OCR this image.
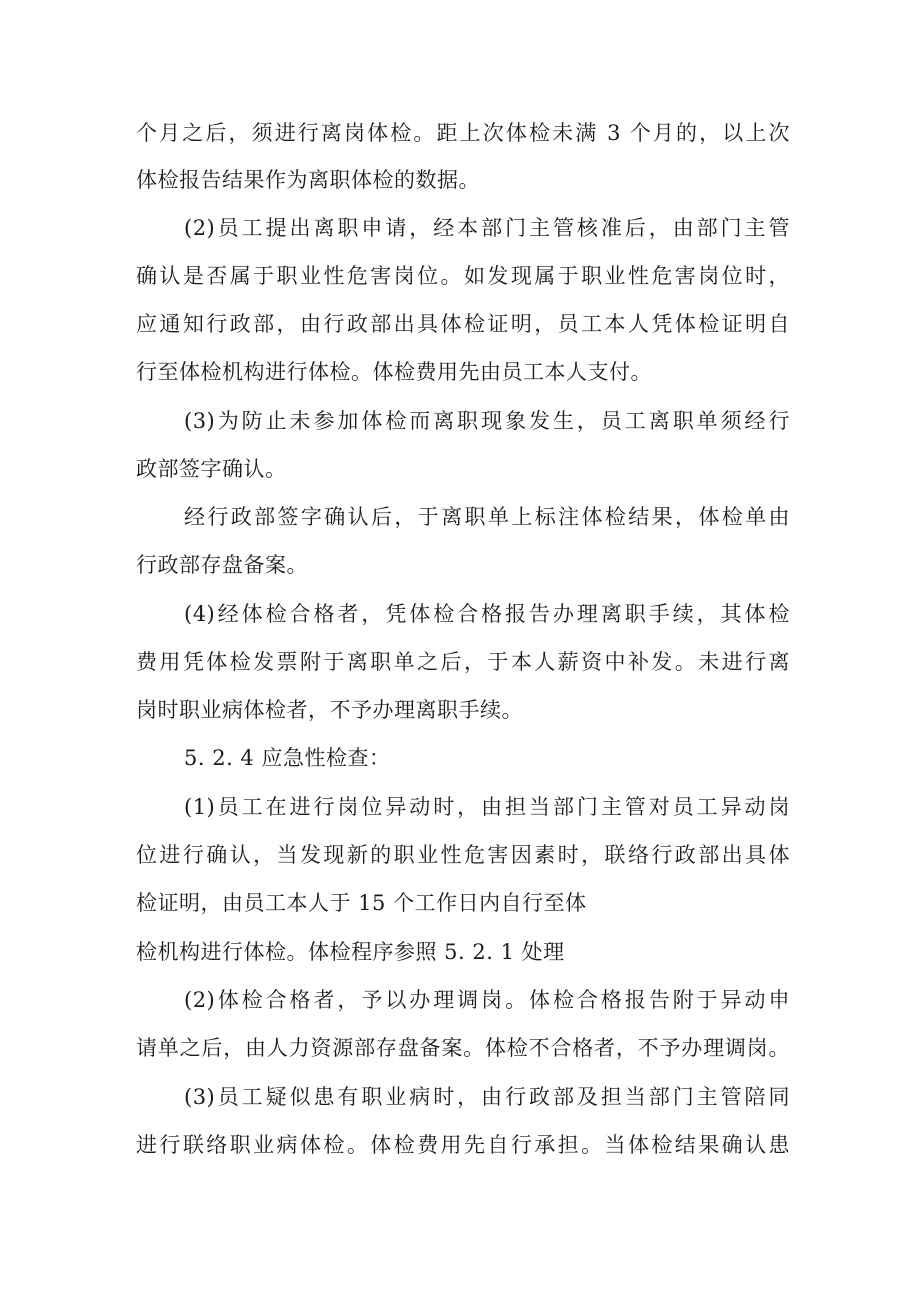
个月之后，须进行离岗体检。距上次体检未满 3 个月的，以上次
体检报告结果作为离职体检的数据。
(2)员工提出离职申请，经本部门主管核准后，由部门主管
确认是否属于职业性危害岗位。如发现属于职业性危害岗位时，
应通知行政部，由行政部出具体检证明，员工本人凭体检证明自
行至体检机构进行体检。体检费用先由员工本人支付。
(3)为防止未参加体检而离职现象发生，员工离职单须经行
政部签字确认。
经行政部签字确认后，于离职单上标注体检结果，体检单由
行政部存盘备案。
(4)经体检合格者，凭体检合格报告办理离职手续，其体检
费用凭体检发票附于离职单之后，于本人薪资中补发。未进行离
岗时职业病体检者，不予办理离职手续。
5. 2. 4 应急性检查：
(1)员工在进行岗位异动时，由担当部门主管对员工异动岗
位进行确认，当发现新的职业性危害因素时，联络行政部出具体
检证明，由员工本人于 15 个工作日内自行至体
检机构进行体检。体检程序参照 5. 2. 1 处理
(2)体检合格者，予以办理调岗。体检合格报告附于异动申
请单之后，由人力资源部存盘备案。体检不合格者，不予办理调岗。
(3)员工疑似患有职业病时，由行政部及担当部门主管陪同
进行联络职业病体检。体检费用先自行承担。当体检结果确认患
